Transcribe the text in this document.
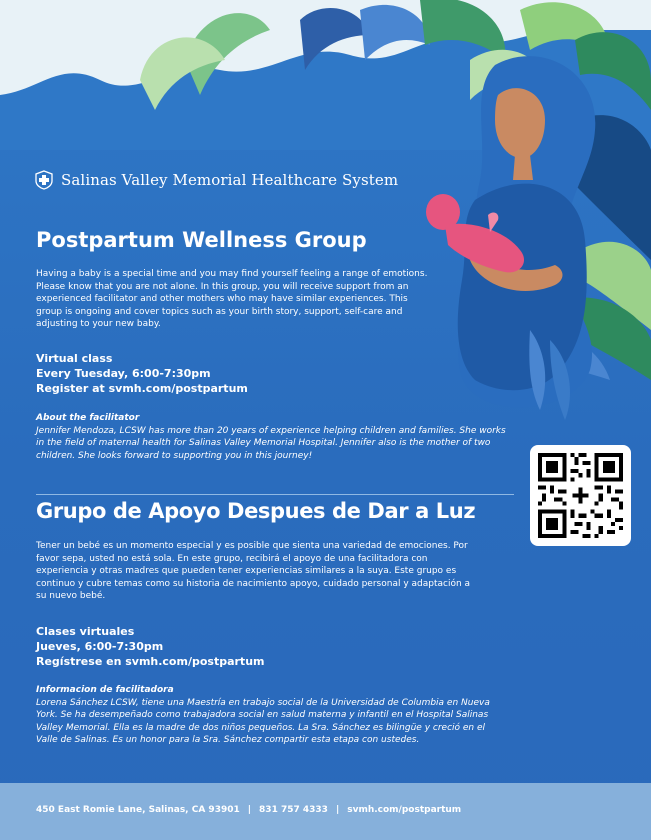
Salinas Valley Memorial Healthcare System
Postpartum Wellness Group

Having a baby is a special time and you may find yourself feeling a range of emotions. Please know that you are not alone. In this group, you will receive support from an experienced facilitator and other mothers who may have similar experiences. This group is ongoing and cover topics such as your birth story, support, self-care and adjusting to your new baby.

Virtual class
Every Tuesday, 6:00-7:30pm
Register at svmh.com/postpartum
About the facilitator
Jennifer Mendoza, LCSW has more than 20 years of experience helping children and families. She works in the field of maternal health for Salinas Valley Memorial Hospital. Jennifer also is the mother of two children. She looks forward to supporting you in this journey!
Grupo de Apoyo Despues de Dar a Luz

Tener un bebé es un momento especial y es posible que sienta una variedad de emociones. Por favor sepa, usted no está sola. En este grupo, recibirá el apoyo de una facilitadora con experiencia y otras madres que pueden tener experiencias similares a la suya. Este grupo es continuo y cubre temas como su historia de nacimiento apoyo, cuidado personal y adaptación a su nuevo bebé.

Clases virtuales
Jueves, 6:00-7:30pm
Regístrese en svmh.com/postpartum
Informacion de facilitadora
Lorena Sánchez LCSW, tiene una Maestría en trabajo social de la Universidad de Columbia en Nueva York. Se ha desempeñado como trabajadora social en salud materna y infantil en el Hospital Salinas Valley Memorial. Ella es la madre de dos niños pequeños. La Sra. Sánchez es bilingüe y creció en el Valle de Salinas. Es un honor para la Sra. Sánchez compartir esta etapa con ustedes.
450 East Romie Lane, Salinas, CA 93901 | 831 757 4333 | svmh.com/postpartum
